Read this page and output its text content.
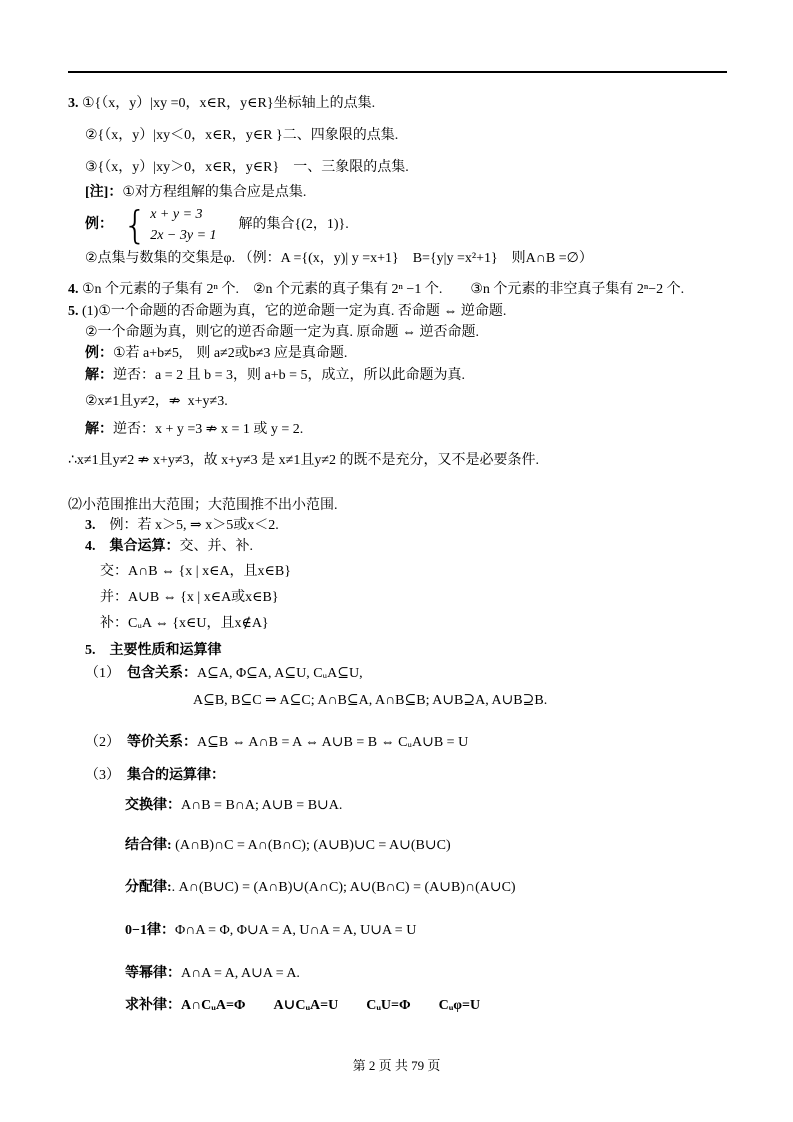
3. ①{（x，y）|xy =0，x∈R，y∈R}坐标轴上的点集.
②{（x，y）|xy＜0，x∈R，y∈R }二、四象限的点集.
③{（x，y）|xy＞0，x∈R，y∈R}　一、三象限的点集.
[注]：①对方程组解的集合应是点集.
例： { x + y = 3
2x − 3y = 1
解的集合{(2，1)}.
②点集与数集的交集是φ. （例：A ={(x，y)| y =x+1}　B={y|y =x²+1}　则A∩B =∅）
4. ①n 个元素的子集有 2ⁿ 个.　②n 个元素的真子集有 2ⁿ −1 个.　　③n 个元素的非空真子集有 2ⁿ−2 个.
5. (1)①一个命题的否命题为真，它的逆命题一定为真. 否命题 ⇔ 逆命题.
②一个命题为真，则它的逆否命题一定为真. 原命题 ⇔ 逆否命题.
例：①若 a+b≠5,　则 a≠2或b≠3 应是真命题.
解：逆否：a = 2 且 b = 3，则 a+b = 5，成立，所以此命题为真.
②x≠1且y≠2，⇏  x+y≠3.
解：逆否：x + y =3 ⇏ x = 1 或 y = 2.
∴x≠1且y≠2 ⇏ x+y≠3，故 x+y≠3 是 x≠1且y≠2 的既不是充分，又不是必要条件.
⑵小范围推出大范围；大范围推不出小范围.
3.　例：若 x＞5, ⇒ x＞5或x＜2.
4.　集合运算：交、并、补.
交：A∩B ⇔ {x | x∈A，且x∈B}
并：A∪B ⇔ {x | x∈A或x∈B}
补：CᵤA ⇔ {x∈U，且x∉A}
5.　主要性质和运算律
（1）　包含关系：A⊆A, Φ⊆A, A⊆U, CᵤA⊆U,
A⊆B, B⊆C ⇒ A⊆C; A∩B⊆A, A∩B⊆B; A∪B⊇A, A∪B⊇B.
（2）　等价关系：A⊆B ⇔ A∩B = A ⇔ A∪B = B ⇔ CᵤA∪B = U
（3）　集合的运算律：
交换律：A∩B = B∩A; A∪B = B∪A.
结合律: (A∩B)∩C = A∩(B∩C); (A∪B)∪C = A∪(B∪C)
分配律:. A∩(B∪C) = (A∩B)∪(A∩C); A∪(B∩C) = (A∪B)∩(A∪C)
0−1律：Φ∩A = Φ, Φ∪A = A, U∩A = A, U∪A = U
等幂律：A∩A = A, A∪A = A.
求补律：A∩CᵤA=Φ　　A∪CᵤA=U　　CᵤU=Φ　　Cᵤφ=U
第 2 页 共 79 页
